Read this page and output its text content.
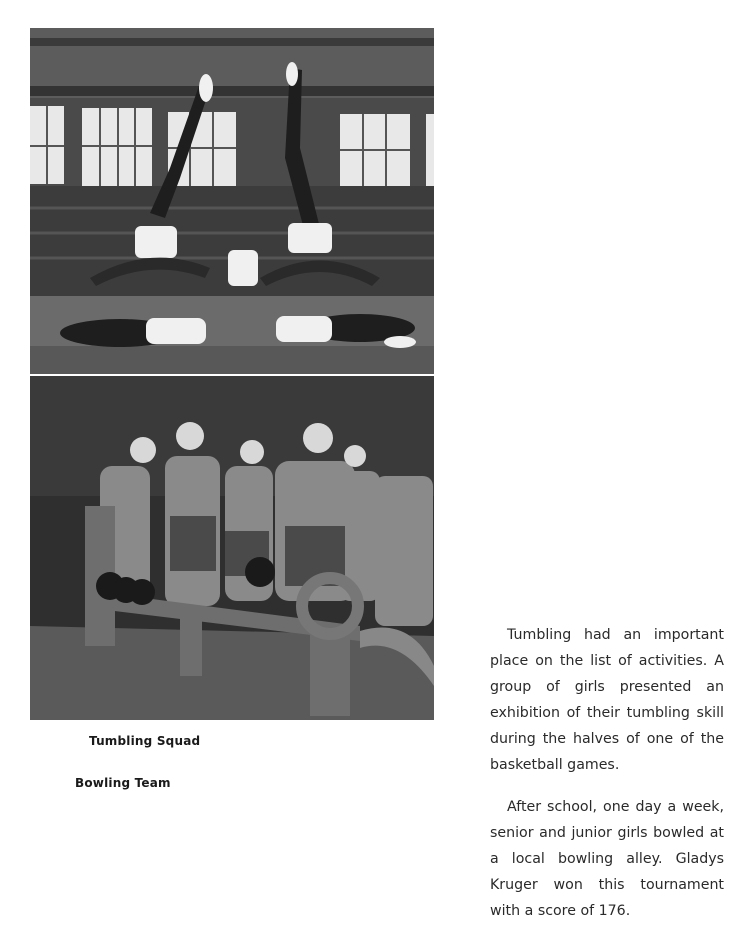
Tumbling Squad
Bowling Team

Tumbling had an important place on the list of activities. A group of girls presented an exhibition of their tumbling skill during the halves of one of the basketball games.

After school, one day a week, senior and junior girls bowled at a local bowling alley. Gladys Kruger won this tournament with a score of 176.
